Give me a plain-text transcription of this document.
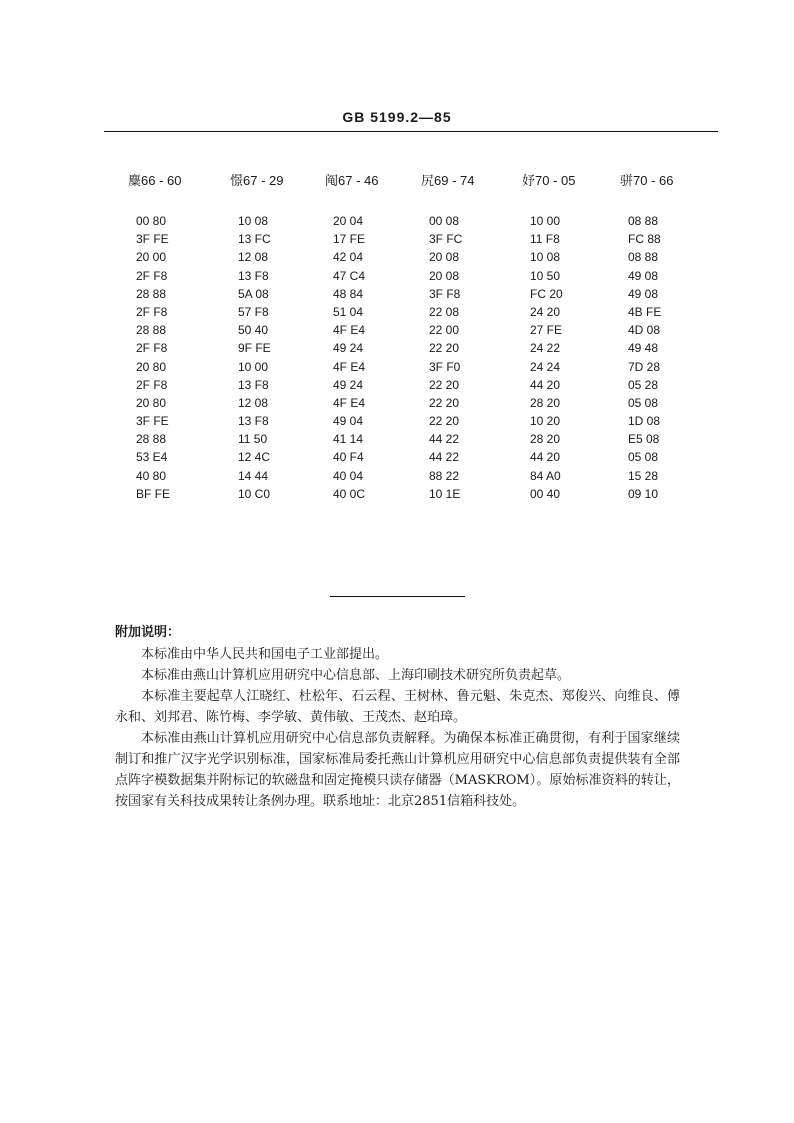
GB 5199.2—85
麋66 - 60
00 80
3F FE
20 00
2F F8
28 88
2F F8
28 88
2F F8
20 80
2F F8
20 80
3F FE
28 88
53 E4
40 80
BF FE
憬67 - 29
10 08
13 FC
12 08
13 F8
5A 08
57 F8
50 40
9F FE
10 00
13 F8
12 08
13 F8
11 50
12 4C
14 44
10 C0
阄67 - 46
20 04
17 FE
42 04
47 C4
48 84
51 04
4F E4
49 24
4F E4
49 24
4F E4
49 04
41 14
40 F4
40 04
40 0C
尻69 - 74
00 08
3F FC
20 08
20 08
3F F8
22 08
22 00
22 20
3F F0
22 20
22 20
22 20
44 22
44 22
88 22
10 1E
妤70 - 05
10 00
11 F8
10 08
10 50
FC 20
24 20
27 FE
24 22
24 24
44 20
28 20
10 20
28 20
44 20
84 A0
00 40
骈70 - 66
08 88
FC 88
08 88
49 08
49 08
4B FE
4D 08
49 48
7D 28
05 28
05 08
1D 08
E5 08
05 08
15 28
09 10
附加说明：

本标准由中华人民共和国电子工业部提出。

本标准由燕山计算机应用研究中心信息部、上海印刷技术研究所负责起草。

本标准主要起草人江晓红、杜松年、石云程、王树林、鲁元魁、朱克杰、郑俊兴、向维良、傅永和、刘邦君、陈竹梅、李学敏、黄伟敏、王茂杰、赵珀璋。

本标准由燕山计算机应用研究中心信息部负责解释。为确保本标准正确贯彻，有利于国家继续制订和推广汉字光学识别标准，国家标准局委托燕山计算机应用研究中心信息部负责提供装有全部点阵字模数据集并附标记的软磁盘和固定掩模只读存储器（MASKROM）。原始标准资料的转让，按国家有关科技成果转让条例办理。联系地址：北京2851信箱科技处。
